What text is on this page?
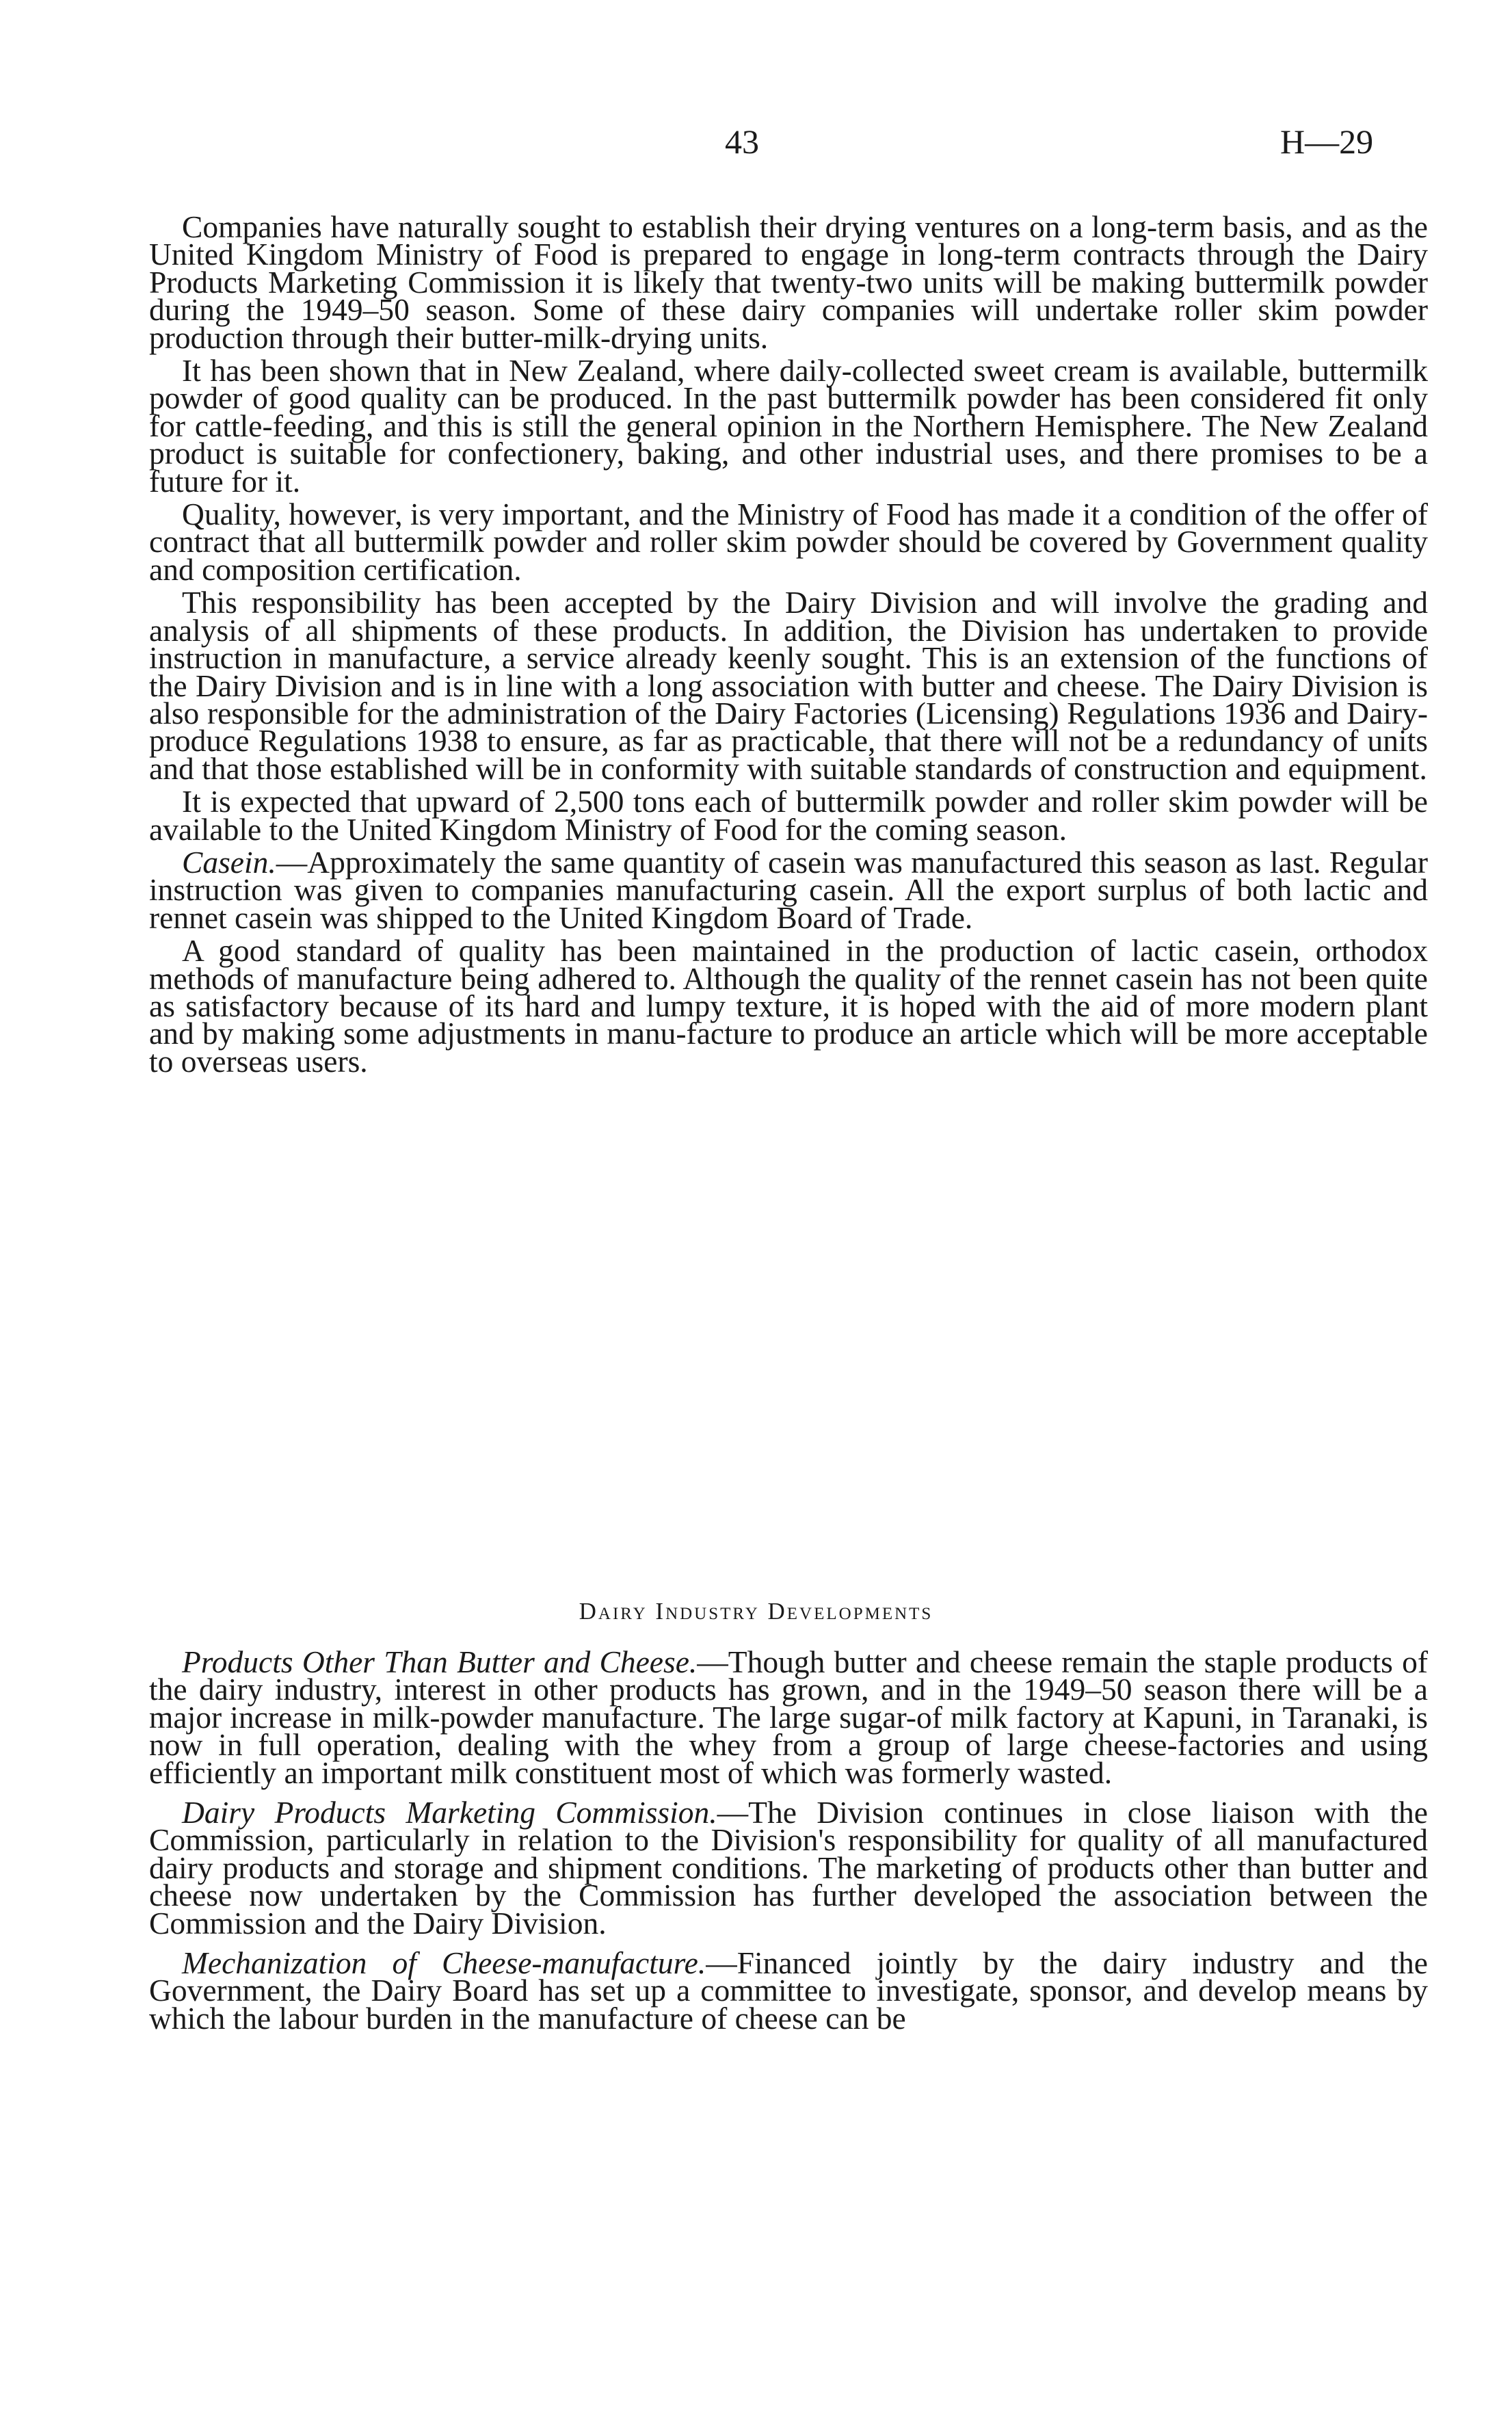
43	H—29

Companies have naturally sought to establish their drying ventures on a long-term basis, and as the United Kingdom Ministry of Food is prepared to engage in long-term contracts through the Dairy Products Marketing Commission it is likely that twenty-two units will be making buttermilk powder during the 1949–50 season. Some of these dairy companies will undertake roller skim powder production through their butter-milk-drying units.

It has been shown that in New Zealand, where daily-collected sweet cream is available, buttermilk powder of good quality can be produced. In the past buttermilk powder has been considered fit only for cattle-feeding, and this is still the general opinion in the Northern Hemisphere. The New Zealand product is suitable for confectionery, baking, and other industrial uses, and there promises to be a future for it.

Quality, however, is very important, and the Ministry of Food has made it a condition of the offer of contract that all buttermilk powder and roller skim powder should be covered by Government quality and composition certification.

This responsibility has been accepted by the Dairy Division and will involve the grading and analysis of all shipments of these products. In addition, the Division has undertaken to provide instruction in manufacture, a service already keenly sought. This is an extension of the functions of the Dairy Division and is in line with a long association with butter and cheese. The Dairy Division is also responsible for the administration of the Dairy Factories (Licensing) Regulations 1936 and Dairy-produce Regulations 1938 to ensure, as far as practicable, that there will not be a redundancy of units and that those established will be in conformity with suitable standards of construction and equipment.

It is expected that upward of 2,500 tons each of buttermilk powder and roller skim powder will be available to the United Kingdom Ministry of Food for the coming season.

Casein.—Approximately the same quantity of casein was manufactured this season as last. Regular instruction was given to companies manufacturing casein. All the export surplus of both lactic and rennet casein was shipped to the United Kingdom Board of Trade.

A good standard of quality has been maintained in the production of lactic casein, orthodox methods of manufacture being adhered to. Although the quality of the rennet casein has not been quite as satisfactory because of its hard and lumpy texture, it is hoped with the aid of more modern plant and by making some adjustments in manu-facture to produce an article which will be more acceptable to overseas users.

Dairy Industry Developments

Products Other Than Butter and Cheese.—Though butter and cheese remain the staple products of the dairy industry, interest in other products has grown, and in the 1949–50 season there will be a major increase in milk-powder manufacture. The large sugar-of milk factory at Kapuni, in Taranaki, is now in full operation, dealing with the whey from a group of large cheese-factories and using efficiently an important milk constituent most of which was formerly wasted.

Dairy Products Marketing Commission.—The Division continues in close liaison with the Commission, particularly in relation to the Division's responsibility for quality of all manufactured dairy products and storage and shipment conditions. The marketing of products other than butter and cheese now undertaken by the Commission has further developed the association between the Commission and the Dairy Division.

Mechanization of Cheese-manufacture.—Financed jointly by the dairy industry and the Government, the Dairy Board has set up a committee to investigate, sponsor, and develop means by which the labour burden in the manufacture of cheese can be
